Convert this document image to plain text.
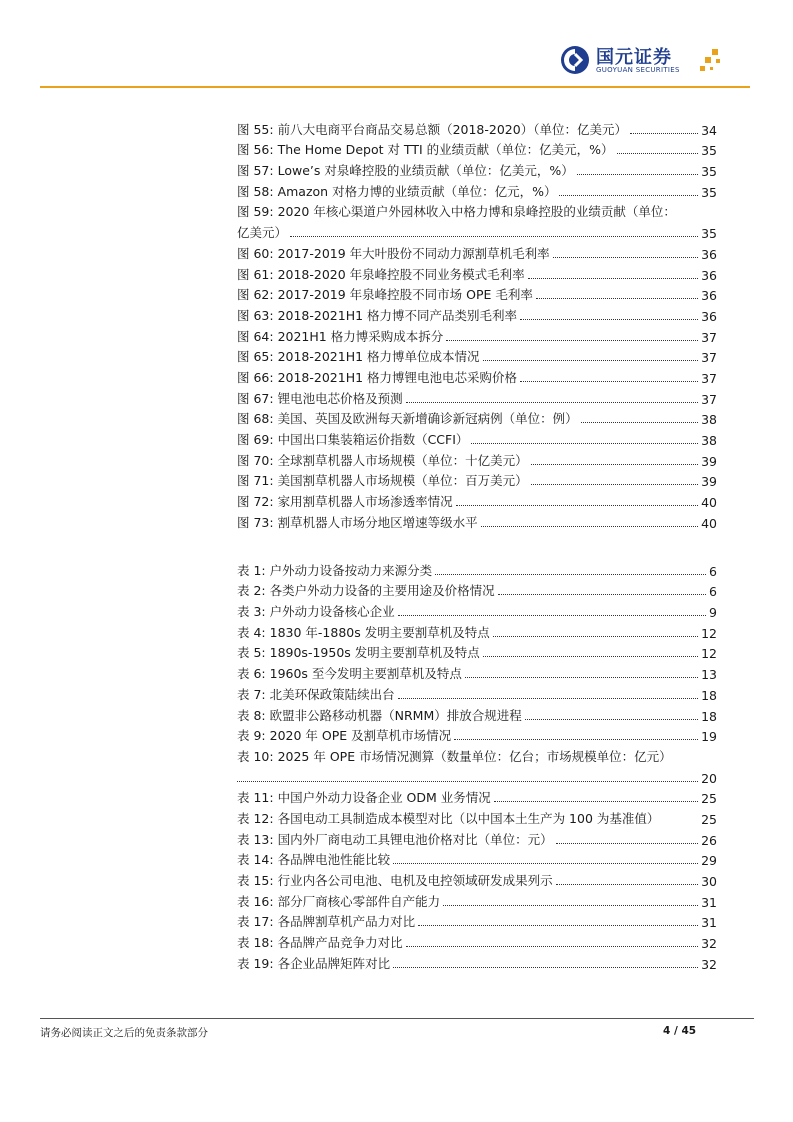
国元证券
GUOYUAN SECURITIES
图 55: 前八大电商平台商品交易总额（2018-2020）（单位：亿美元）	34
图 56: The Home Depot 对 TTI 的业绩贡献（单位：亿美元，%）	35
图 57: Lowe’s 对泉峰控股的业绩贡献（单位：亿美元，%）	35
图 58: Amazon 对格力博的业绩贡献（单位：亿元，%）	35
图 59: 2020 年核心渠道户外园林收入中格力博和泉峰控股的业绩贡献（单位：
亿美元）	35
图 60: 2017-2019 年大叶股份不同动力源割草机毛利率	36
图 61: 2018-2020 年泉峰控股不同业务模式毛利率	36
图 62: 2017-2019 年泉峰控股不同市场 OPE 毛利率	36
图 63: 2018-2021H1 格力博不同产品类别毛利率	36
图 64: 2021H1 格力博采购成本拆分	37
图 65: 2018-2021H1 格力博单位成本情况	37
图 66: 2018-2021H1 格力博锂电池电芯采购价格	37
图 67: 锂电池电芯价格及预测	37
图 68: 美国、英国及欧洲每天新增确诊新冠病例（单位：例）	38
图 69: 中国出口集装箱运价指数（CCFI）	38
图 70: 全球割草机器人市场规模（单位：十亿美元）	39
图 71: 美国割草机器人市场规模（单位：百万美元）	39
图 72: 家用割草机器人市场渗透率情况	40
图 73: 割草机器人市场分地区增速等级水平	40
表 1: 户外动力设备按动力来源分类	6
表 2: 各类户外动力设备的主要用途及价格情况	6
表 3: 户外动力设备核心企业	9
表 4: 1830 年-1880s 发明主要割草机及特点	12
表 5: 1890s-1950s 发明主要割草机及特点	12
表 6: 1960s 至今发明主要割草机及特点	13
表 7: 北美环保政策陆续出台	18
表 8: 欧盟非公路移动机器（NRMM）排放合规进程	18
表 9: 2020 年 OPE 及割草机市场情况	19
表 10: 2025 年 OPE 市场情况测算（数量单位：亿台；市场规模单位：亿元）
20
表 11: 中国户外动力设备企业 ODM 业务情况	25
表 12: 各国电动工具制造成本模型对比（以中国本土生产为 100 为基准值）	25
表 13: 国内外厂商电动工具锂电池价格对比（单位：元）	26
表 14: 各品牌电池性能比较	29
表 15: 行业内各公司电池、电机及电控领域研发成果列示	30
表 16: 部分厂商核心零部件自产能力	31
表 17: 各品牌割草机产品力对比	31
表 18: 各品牌产品竞争力对比	32
表 19: 各企业品牌矩阵对比	32
请务必阅读正文之后的免责条款部分	4 / 45
